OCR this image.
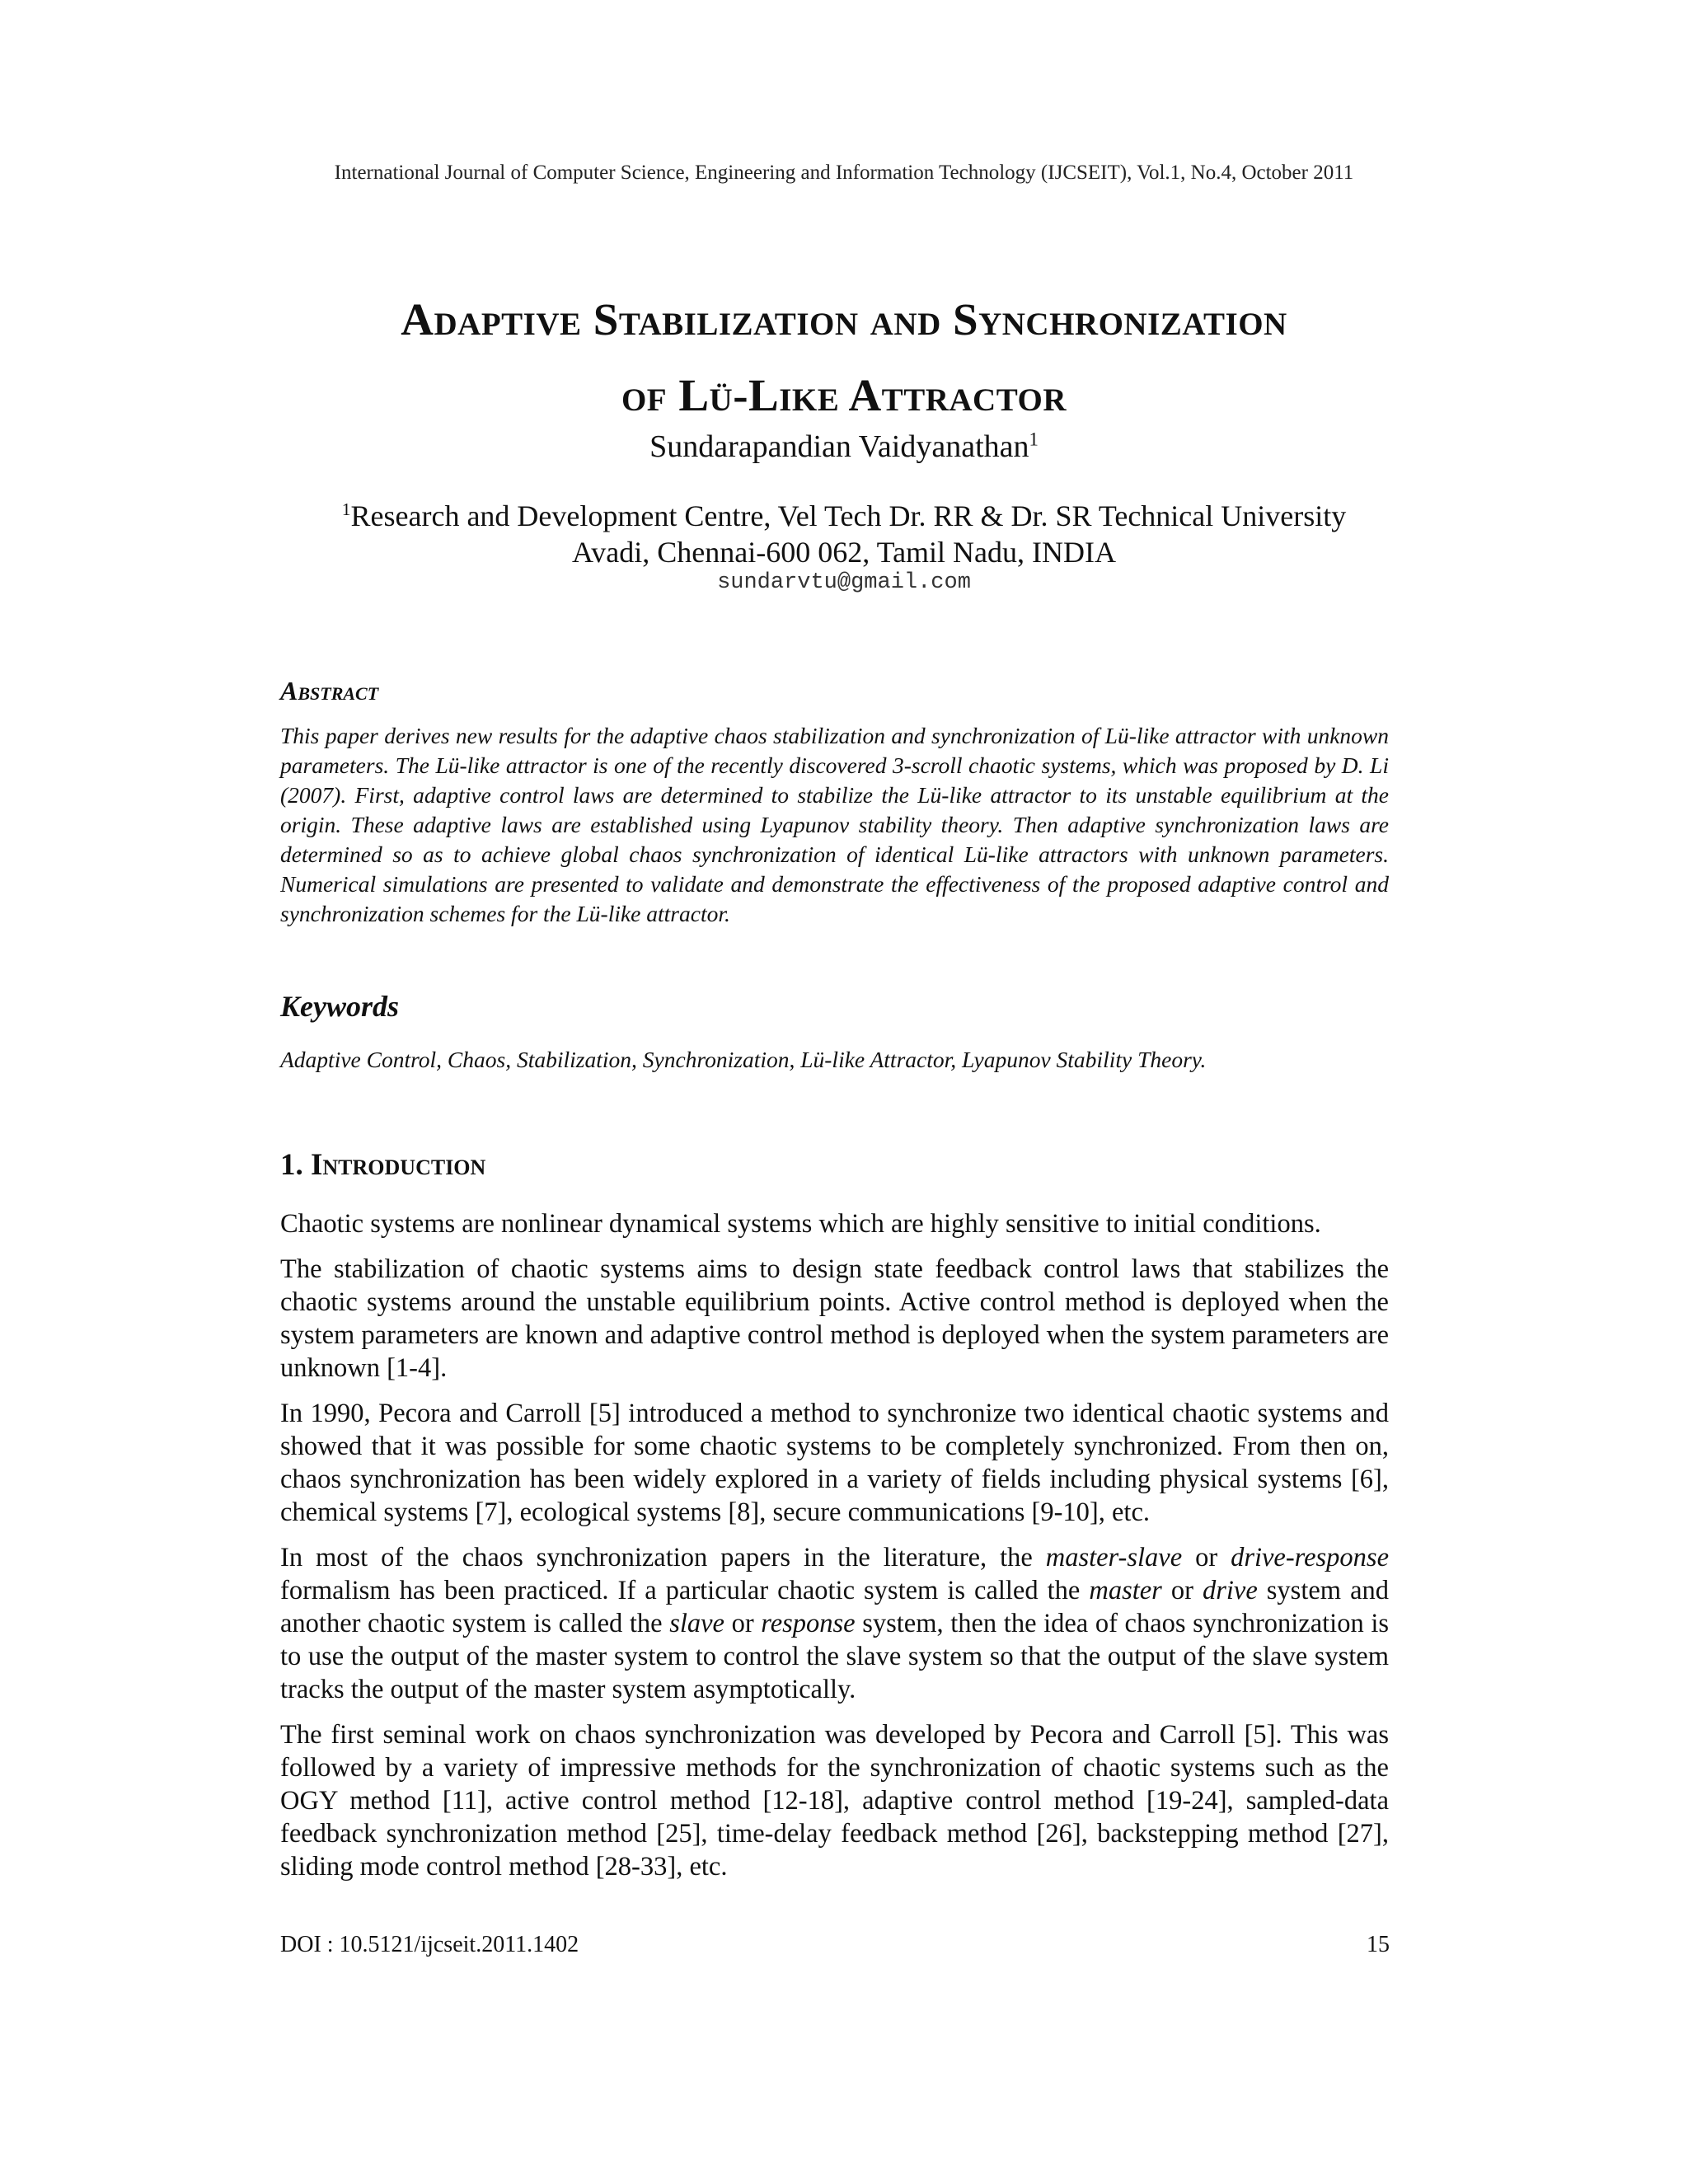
International Journal of Computer Science, Engineering and Information Technology (IJCSEIT), Vol.1, No.4, October 2011
Adaptive Stabilization and Synchronization
of Lü-Like Attractor
Sundarapandian Vaidyanathan$^1$
$^1$Research and Development Centre, Vel Tech Dr. RR & Dr. SR Technical University
Avadi, Chennai-600 062, Tamil Nadu, INDIA
sundarvtu@gmail.com
Abstract
This paper derives new results for the adaptive chaos stabilization and synchronization of Lü-like attractor with unknown parameters. The Lü-like attractor is one of the recently discovered 3-scroll chaotic systems, which was proposed by D. Li (2007). First, adaptive control laws are determined to stabilize the Lü-like attractor to its unstable equilibrium at the origin. These adaptive laws are established using Lyapunov stability theory. Then adaptive synchronization laws are determined so as to achieve global chaos synchronization of identical Lü-like attractors with unknown parameters. Numerical simulations are presented to validate and demonstrate the effectiveness of the proposed adaptive control and synchronization schemes for the Lü-like attractor.
Keywords
Adaptive Control, Chaos, Stabilization, Synchronization, Lü-like Attractor, Lyapunov Stability Theory.
1. Introduction

Chaotic systems are nonlinear dynamical systems which are highly sensitive to initial conditions.

The stabilization of chaotic systems aims to design state feedback control laws that stabilizes the chaotic systems around the unstable equilibrium points. Active control method is deployed when the system parameters are known and adaptive control method is deployed when the system parameters are unknown [1-4].

In 1990, Pecora and Carroll [5] introduced a method to synchronize two identical chaotic systems and showed that it was possible for some chaotic systems to be completely synchronized. From then on, chaos synchronization has been widely explored in a variety of fields including physical systems [6], chemical systems [7], ecological systems [8], secure communications [9-10], etc.

In most of the chaos synchronization papers in the literature, the master-slave or drive-response formalism has been practiced. If a particular chaotic system is called the master or drive system and another chaotic system is called the slave or response system, then the idea of chaos synchronization is to use the output of the master system to control the slave system so that the output of the slave system tracks the output of the master system asymptotically.

The first seminal work on chaos synchronization was developed by Pecora and Carroll [5]. This was followed by a variety of impressive methods for the synchronization of chaotic systems such as the OGY method [11], active control method [12-18], adaptive control method [19-24], sampled-data feedback synchronization method [25], time-delay feedback method [26], backstepping method [27], sliding mode control method [28-33], etc.

DOI : 10.5121/ijcseit.2011.1402	15
